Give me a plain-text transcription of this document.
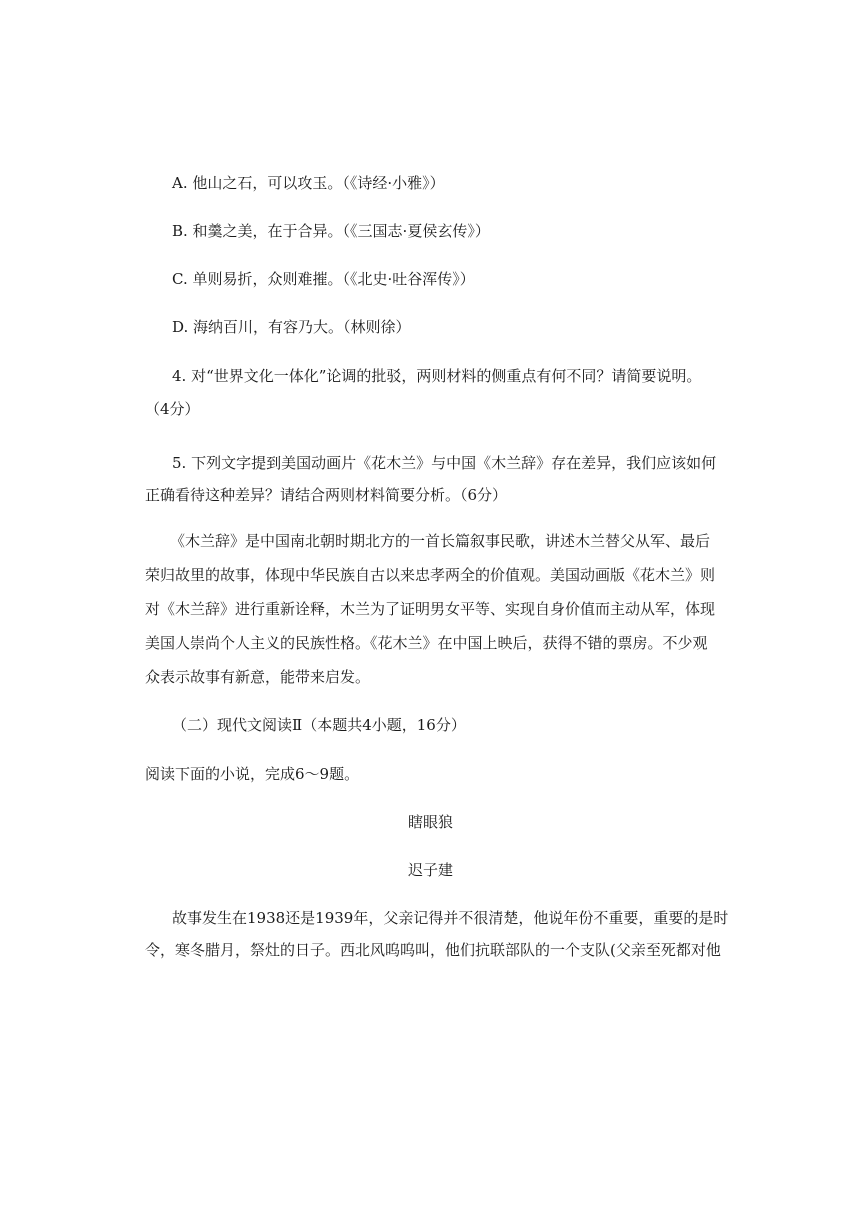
A. 他山之石，可以攻玉。（《诗经·小雅》）
B. 和羹之美，在于合异。（《三国志·夏侯玄传》）
C. 单则易折，众则难摧。（《北史·吐谷浑传》）
D. 海纳百川，有容乃大。（林则徐）
4. 对“世界文化一体化”论调的批驳，两则材料的侧重点有何不同？请简要说明。
（4分）
5. 下列文字提到美国动画片《花木兰》与中国《木兰辞》存在差异，我们应该如何
正确看待这种差异？请结合两则材料简要分析。（6分）
《木兰辞》是中国南北朝时期北方的一首长篇叙事民歌，讲述木兰替父从军、最后
荣归故里的故事，体现中华民族自古以来忠孝两全的价值观。美国动画版《花木兰》则
对《木兰辞》进行重新诠释，木兰为了证明男女平等、实现自身价值而主动从军，体现
美国人崇尚个人主义的民族性格。《花木兰》在中国上映后，获得不错的票房。不少观
众表示故事有新意，能带来启发。
（二）现代文阅读Ⅱ（本题共4小题，16分）
阅读下面的小说，完成6～9题。
瞎眼狼
迟子建
故事发生在1938还是1939年，父亲记得并不很清楚，他说年份不重要，重要的是时
令，寒冬腊月，祭灶的日子。西北风呜呜叫，他们抗联部队的一个支队(父亲至死都对他
